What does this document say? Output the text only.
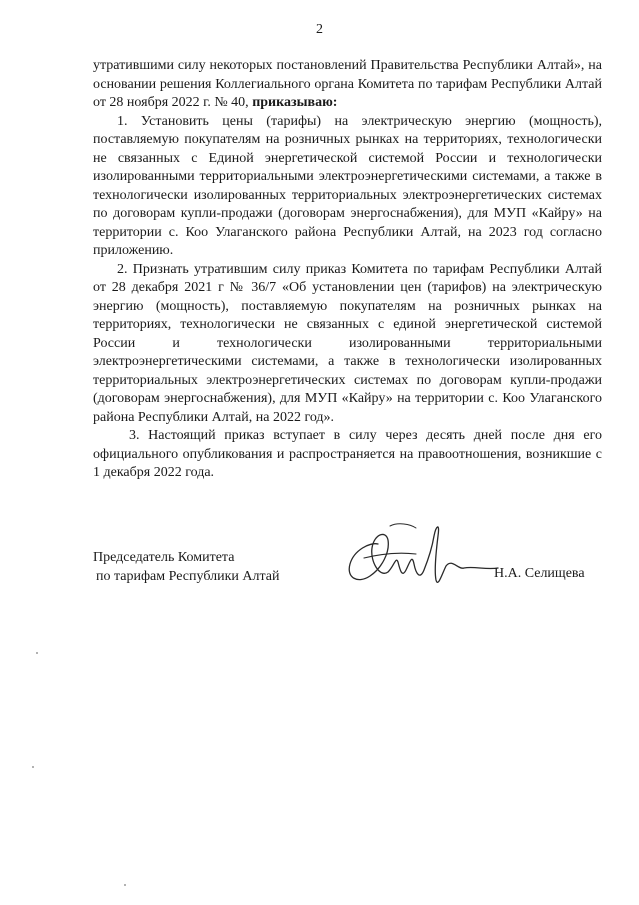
2

утратившими силу некоторых постановлений Правительства Республики Алтай», на основании решения Коллегиального органа Комитета по тарифам Республики Алтай от 28 ноября 2022 г. № 40, приказываю:

1. Установить цены (тарифы) на электрическую энергию (мощность), поставляемую покупателям на розничных рынках на территориях, технологически не связанных с Единой энергетической системой России и технологически изолированными территориальными электроэнергетическими системами, а также в технологически изолированных территориальных электроэнергетических системах по договорам купли-продажи (договорам энергоснабжения), для МУП «Кайру» на территории с. Коо Улаганского района Республики Алтай, на 2023 год согласно приложению.

2. Признать утратившим силу приказ Комитета по тарифам Республики Алтай от 28 декабря 2021 г № 36/7 «Об установлении цен (тарифов) на электрическую энергию (мощность), поставляемую покупателям на розничных рынках на территориях, технологически не связанных с единой энергетической системой России и технологически изолированными территориальными электроэнергетическими системами, а также в технологически изолированных территориальных электроэнергетических системах по договорам купли-продажи (договорам энергоснабжения), для МУП «Кайру» на территории с. Коо Улаганского района Республики Алтай, на 2022 год».

3. Настоящий приказ вступает в силу через десять дней после дня его официального опубликования и распространяется на правоотношения, возникшие с 1 декабря 2022 года.

Председатель Комитета
по тарифам Республики Алтай	Н.А. Селищева
